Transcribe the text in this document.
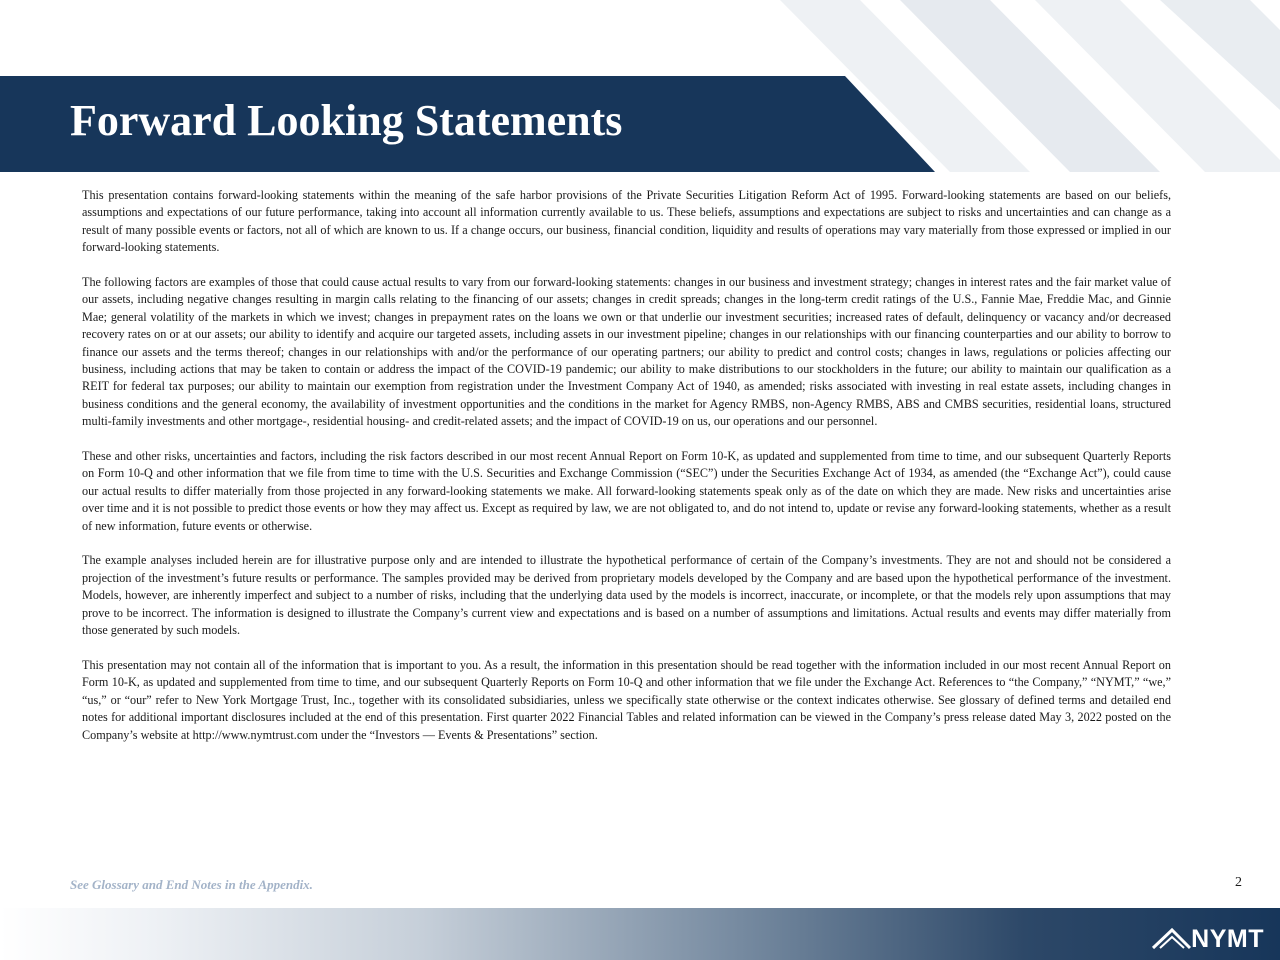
Forward Looking Statements

This presentation contains forward-looking statements within the meaning of the safe harbor provisions of the Private Securities Litigation Reform Act of 1995. Forward-looking statements are based on our beliefs, assumptions and expectations of our future performance, taking into account all information currently available to us. These beliefs, assumptions and expectations are subject to risks and uncertainties and can change as a result of many possible events or factors, not all of which are known to us. If a change occurs, our business, financial condition, liquidity and results of operations may vary materially from those expressed or implied in our forward-looking statements.

The following factors are examples of those that could cause actual results to vary from our forward-looking statements: changes in our business and investment strategy; changes in interest rates and the fair market value of our assets, including negative changes resulting in margin calls relating to the financing of our assets; changes in credit spreads; changes in the long-term credit ratings of the U.S., Fannie Mae, Freddie Mac, and Ginnie Mae; general volatility of the markets in which we invest; changes in prepayment rates on the loans we own or that underlie our investment securities; increased rates of default, delinquency or vacancy and/or decreased recovery rates on or at our assets; our ability to identify and acquire our targeted assets, including assets in our investment pipeline; changes in our relationships with our financing counterparties and our ability to borrow to finance our assets and the terms thereof; changes in our relationships with and/or the performance of our operating partners; our ability to predict and control costs; changes in laws, regulations or policies affecting our business, including actions that may be taken to contain or address the impact of the COVID-19 pandemic; our ability to make distributions to our stockholders in the future; our ability to maintain our qualification as a REIT for federal tax purposes; our ability to maintain our exemption from registration under the Investment Company Act of 1940, as amended; risks associated with investing in real estate assets, including changes in business conditions and the general economy, the availability of investment opportunities and the conditions in the market for Agency RMBS, non-Agency RMBS, ABS and CMBS securities, residential loans, structured multi-family investments and other mortgage-, residential housing- and credit-related assets; and the impact of COVID-19 on us, our operations and our personnel.

These and other risks, uncertainties and factors, including the risk factors described in our most recent Annual Report on Form 10-K, as updated and supplemented from time to time, and our subsequent Quarterly Reports on Form 10-Q and other information that we file from time to time with the U.S. Securities and Exchange Commission (“SEC”) under the Securities Exchange Act of 1934, as amended (the “Exchange Act”), could cause our actual results to differ materially from those projected in any forward-looking statements we make. All forward-looking statements speak only as of the date on which they are made. New risks and uncertainties arise over time and it is not possible to predict those events or how they may affect us. Except as required by law, we are not obligated to, and do not intend to, update or revise any forward-looking statements, whether as a result of new information, future events or otherwise.

The example analyses included herein are for illustrative purpose only and are intended to illustrate the hypothetical performance of certain of the Company’s investments. They are not and should not be considered a projection of the investment’s future results or performance. The samples provided may be derived from proprietary models developed by the Company and are based upon the hypothetical performance of the investment. Models, however, are inherently imperfect and subject to a number of risks, including that the underlying data used by the models is incorrect, inaccurate, or incomplete, or that the models rely upon assumptions that may prove to be incorrect. The information is designed to illustrate the Company’s current view and expectations and is based on a number of assumptions and limitations. Actual results and events may differ materially from those generated by such models.

This presentation may not contain all of the information that is important to you. As a result, the information in this presentation should be read together with the information included in our most recent Annual Report on Form 10-K, as updated and supplemented from time to time, and our subsequent Quarterly Reports on Form 10-Q and other information that we file under the Exchange Act. References to “the Company,” “NYMT,” “we,” “us,” or “our” refer to New York Mortgage Trust, Inc., together with its consolidated subsidiaries, unless we specifically state otherwise or the context indicates otherwise. See glossary of defined terms and detailed end notes for additional important disclosures included at the end of this presentation. First quarter 2022 Financial Tables and related information can be viewed in the Company’s press release dated May 3, 2022 posted on the Company’s website at http://www.nymtrust.com under the “Investors — Events & Presentations” section.

See Glossary and End Notes in the Appendix.	2
NYMT
